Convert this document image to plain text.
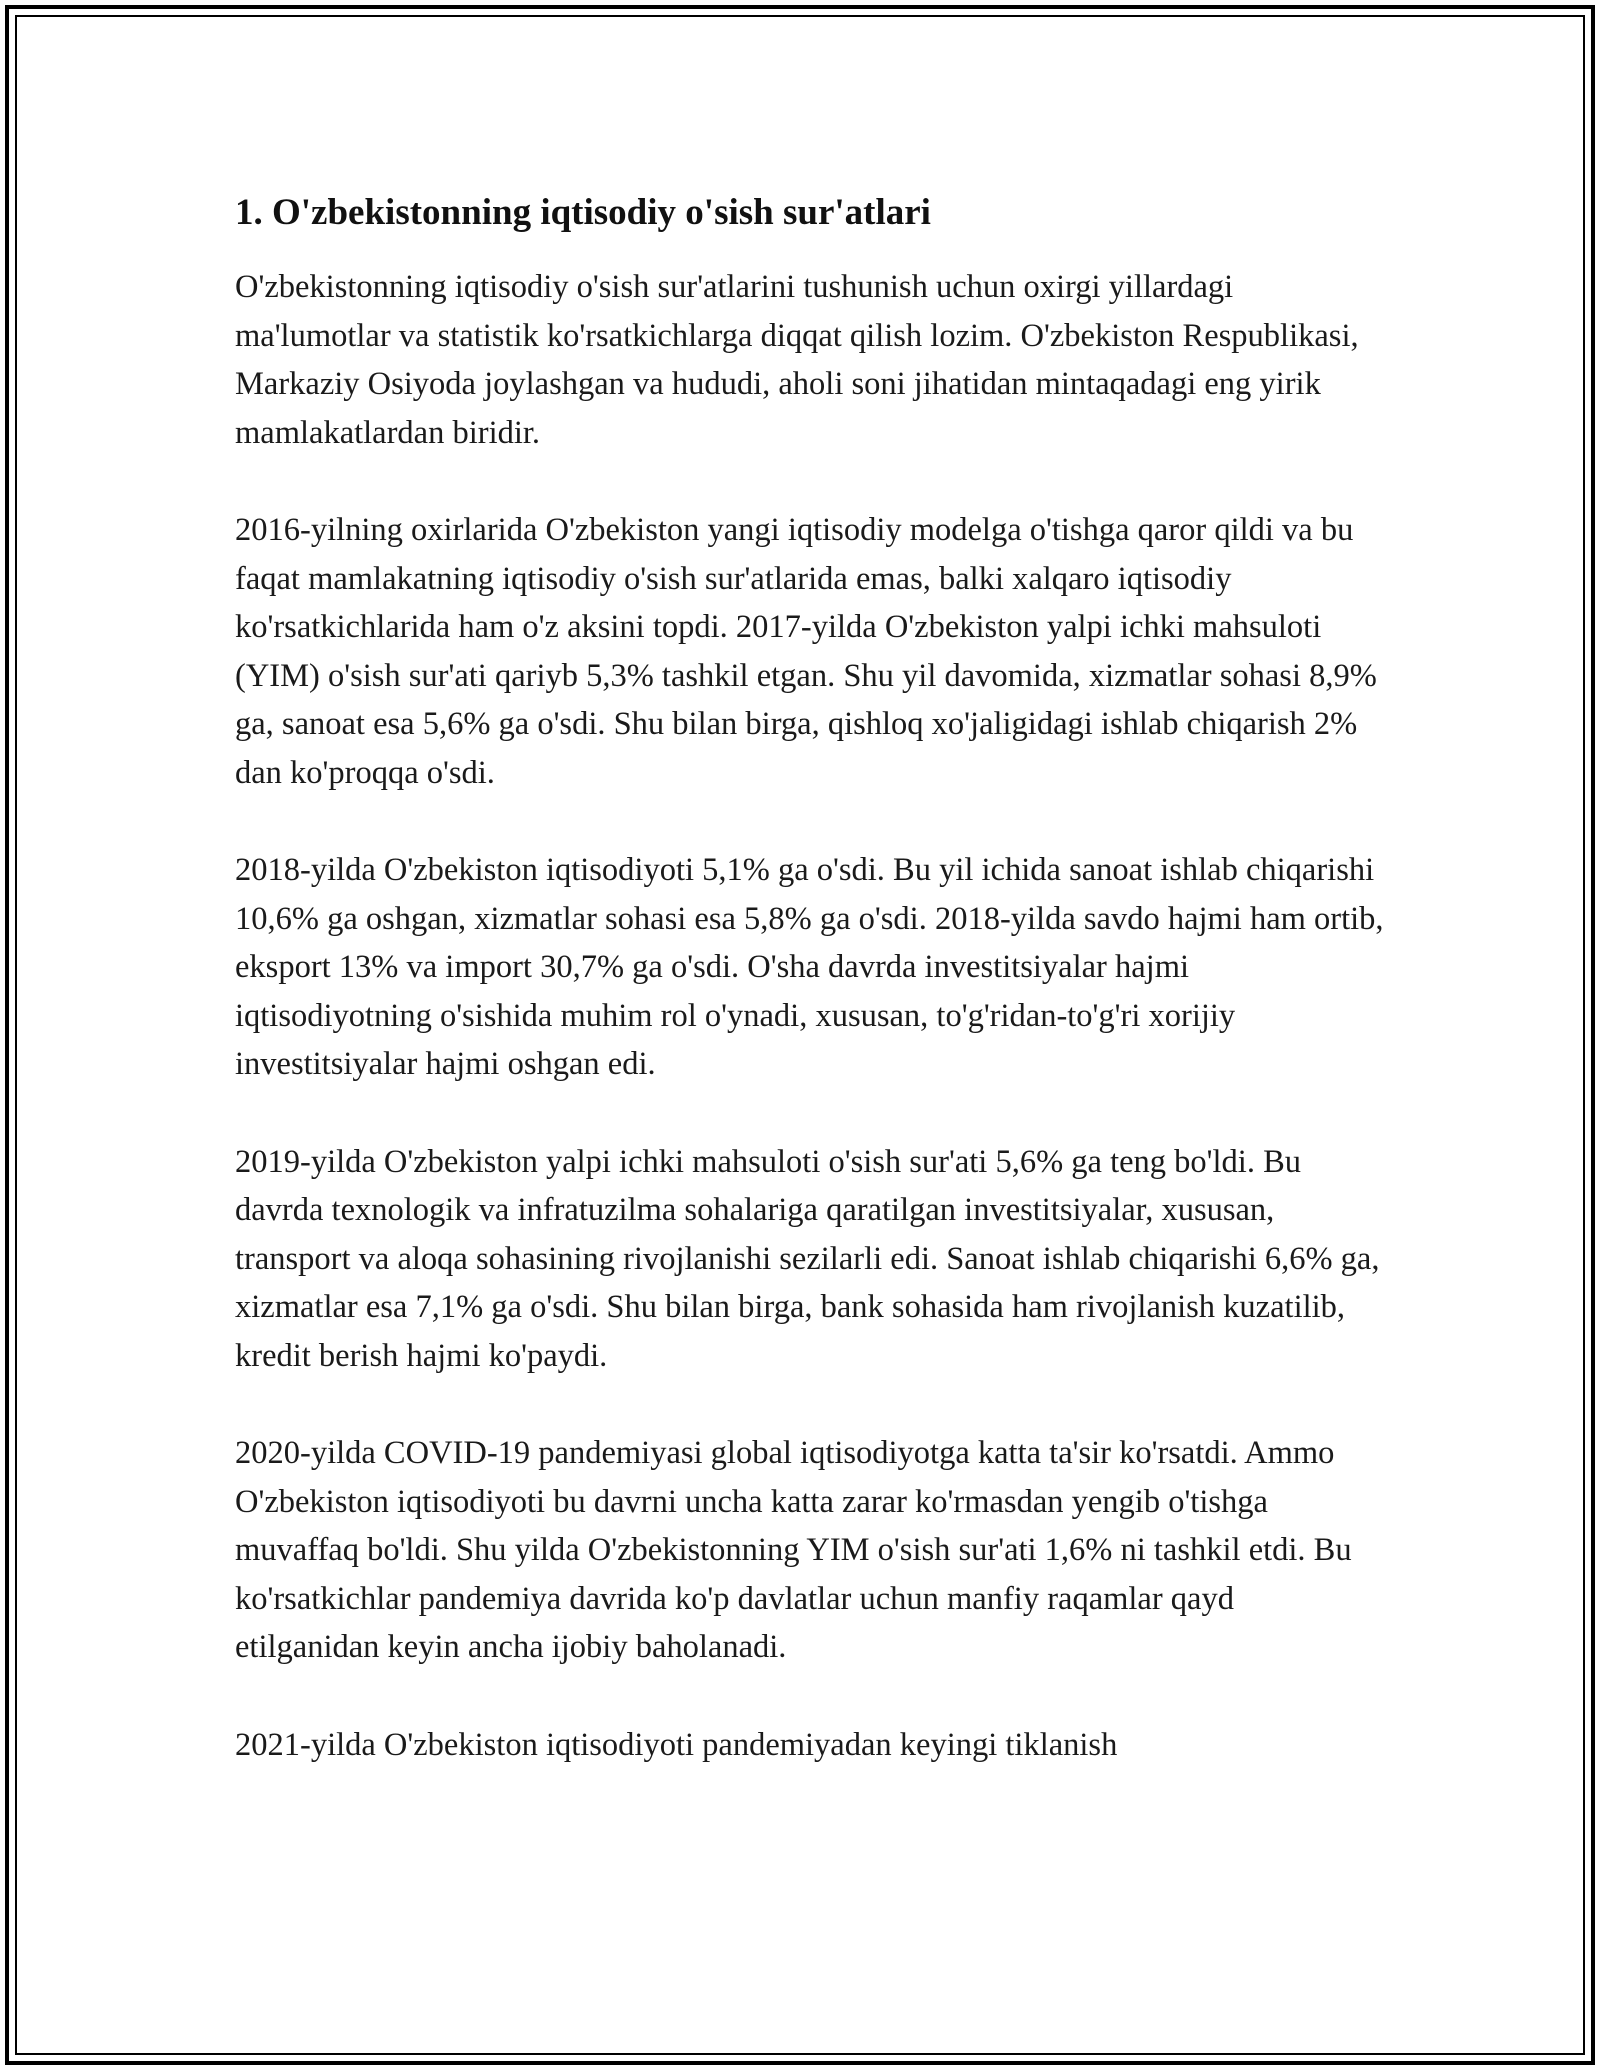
1. O'zbekistonning iqtisodiy o'sish sur'atlari

O'zbekistonning iqtisodiy o'sish sur'atlarini tushunish uchun oxirgi yillardagi ma'lumotlar va statistik ko'rsatkichlarga diqqat qilish lozim. O'zbekiston Respublikasi, Markaziy Osiyoda joylashgan va hududi, aholi soni jihatidan mintaqadagi eng yirik mamlakatlardan biridir.

2016-yilning oxirlarida O'zbekiston yangi iqtisodiy modelga o'tishga qaror qildi va bu faqat mamlakatning iqtisodiy o'sish sur'atlarida emas, balki xalqaro iqtisodiy ko'rsatkichlarida ham o'z aksini topdi. 2017-yilda O'zbekiston yalpi ichki mahsuloti (YIM) o'sish sur'ati qariyb 5,3% tashkil etgan. Shu yil davomida, xizmatlar sohasi 8,9% ga, sanoat esa 5,6% ga o'sdi. Shu bilan birga, qishloq xo'jaligidagi ishlab chiqarish 2% dan ko'proqqa o'sdi.

2018-yilda O'zbekiston iqtisodiyoti 5,1% ga o'sdi. Bu yil ichida sanoat ishlab chiqarishi 10,6% ga oshgan, xizmatlar sohasi esa 5,8% ga o'sdi. 2018-yilda savdo hajmi ham ortib, eksport 13% va import 30,7% ga o'sdi. O'sha davrda investitsiyalar hajmi iqtisodiyotning o'sishida muhim rol o'ynadi, xususan, to'g'ridan-to'g'ri xorijiy investitsiyalar hajmi oshgan edi.

2019-yilda O'zbekiston yalpi ichki mahsuloti o'sish sur'ati 5,6% ga teng bo'ldi. Bu davrda texnologik va infratuzilma sohalariga qaratilgan investitsiyalar, xususan, transport va aloqa sohasining rivojlanishi sezilarli edi. Sanoat ishlab chiqarishi 6,6% ga, xizmatlar esa 7,1% ga o'sdi. Shu bilan birga, bank sohasida ham rivojlanish kuzatilib, kredit berish hajmi ko'paydi.

2020-yilda COVID-19 pandemiyasi global iqtisodiyotga katta ta'sir ko'rsatdi. Ammo O'zbekiston iqtisodiyoti bu davrni uncha katta zarar ko'rmasdan yengib o'tishga muvaffaq bo'ldi. Shu yilda O'zbekistonning YIM o'sish sur'ati 1,6% ni tashkil etdi. Bu ko'rsatkichlar pandemiya davrida ko'p davlatlar uchun manfiy raqamlar qayd etilganidan keyin ancha ijobiy baholanadi.

2021-yilda O'zbekiston iqtisodiyoti pandemiyadan keyingi tiklanish
